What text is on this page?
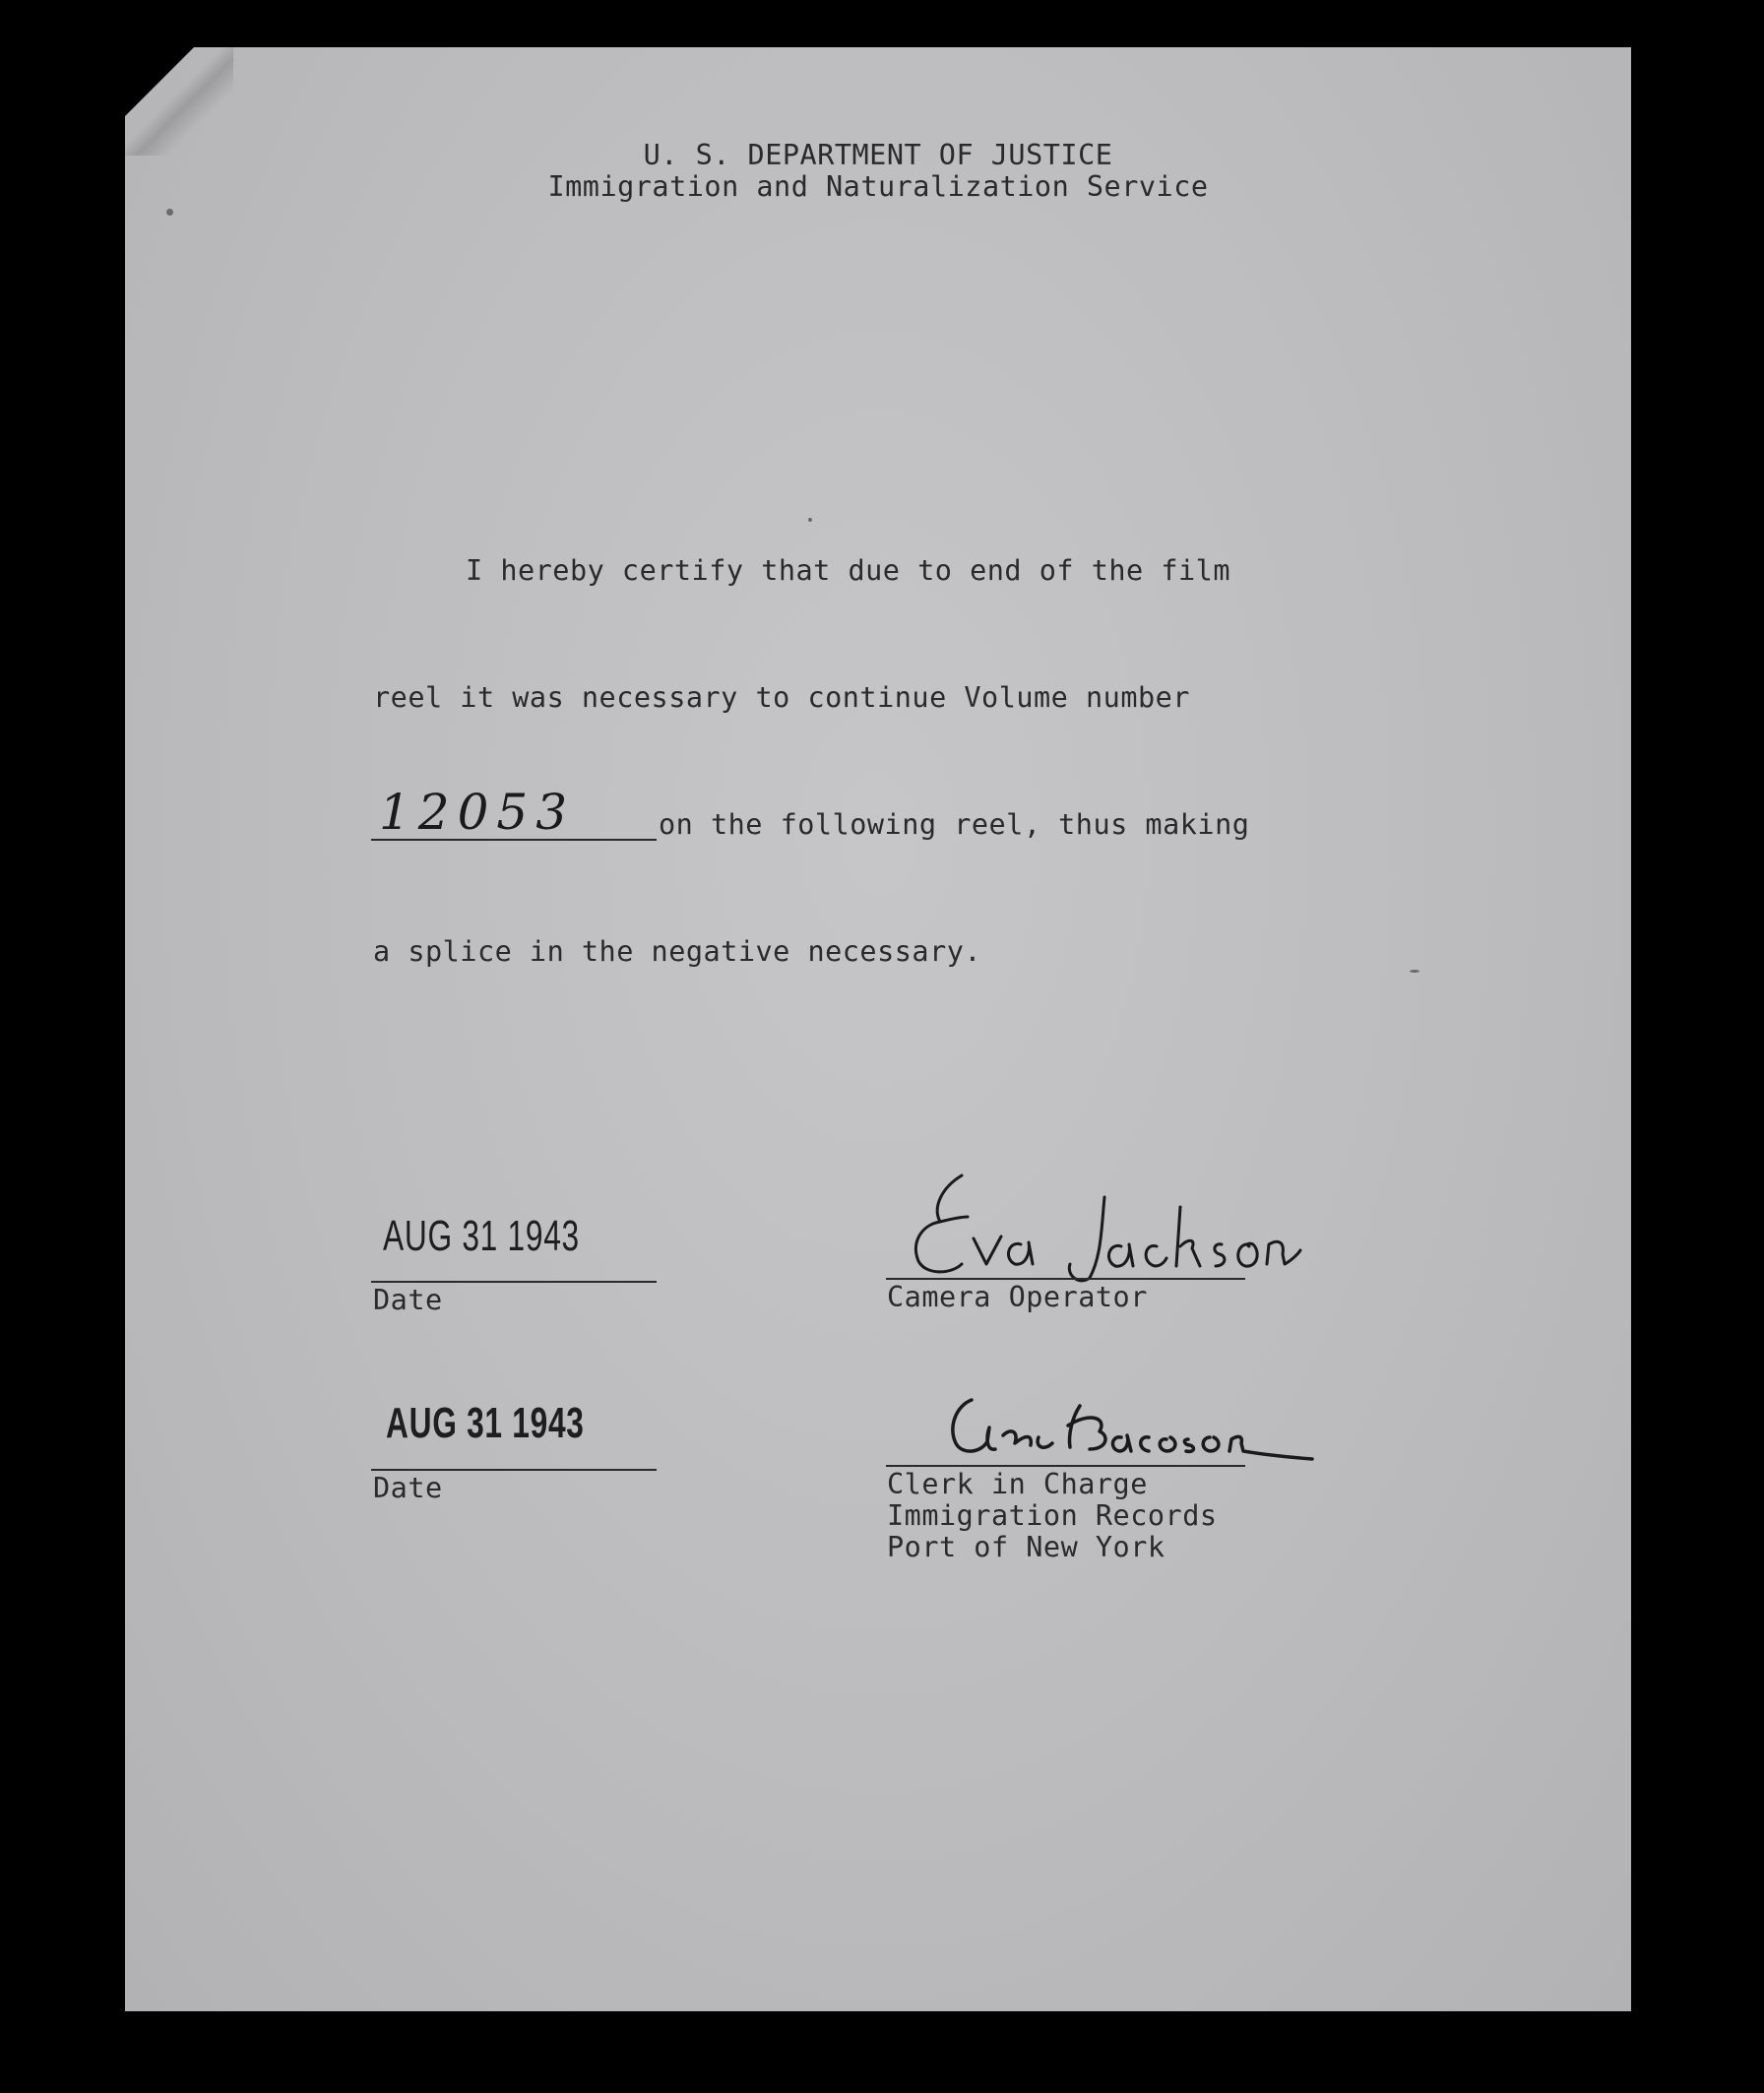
U. S. DEPARTMENT OF JUSTICE
Immigration and Naturalization Service
I hereby certify that due to end of the film
reel it was necessary to continue Volume number
12053	on the following reel, thus making
a splice in the negative necessary.
AUG 31 1943
Date	Camera Operator
AUG 31 1943
Date	Clerk in Charge
Immigration Records
Port of New York
